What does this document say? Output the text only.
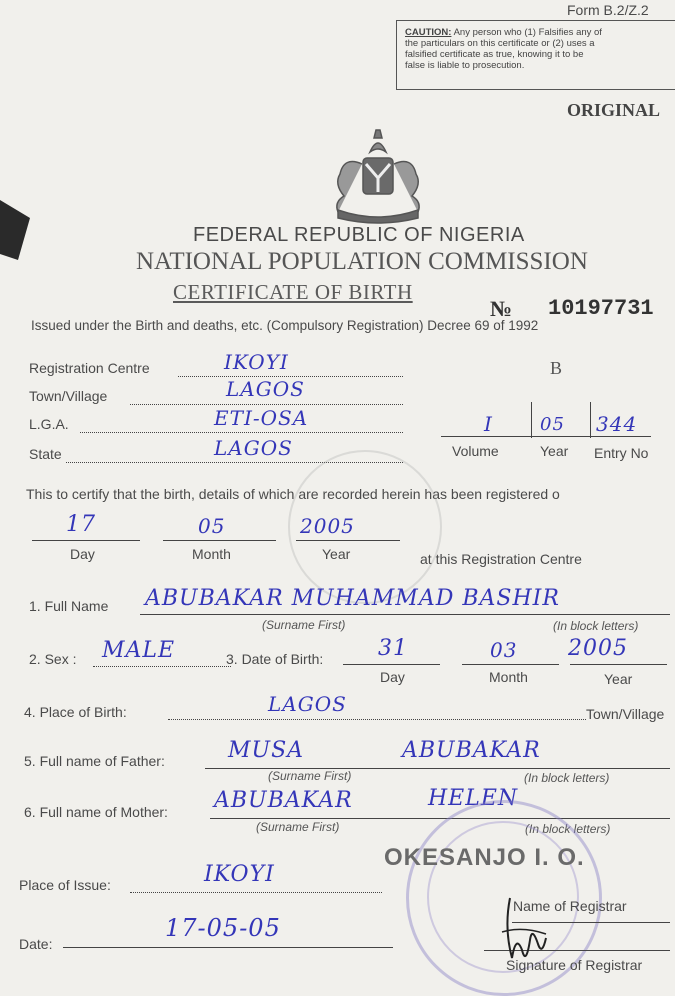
Form B.2/Z.2
CAUTION: Any person who (1) Falsifies any of
the particulars on this certificate or (2) uses a
falsified certificate as true, knowing it to be
false is liable to prosecution.
ORIGINAL
FEDERAL REPUBLIC OF NIGERIA
NATIONAL POPULATION COMMISSION
CERTIFICATE OF BIRTH
№ 10197731
Issued under the Birth and deaths, etc. (Compulsory Registration) Decree 69 of 1992
Registration Centre	IKOYI
Town/Village	LAGOS
L.G.A.	ETI-OSA
State	LAGOS
B
I	05 344
Volume	Year Entry No
This to certify that the birth, details of which are recorded herein has been registered o
17	05	2005
Day	Month	Year	at this Registration Centre
1. Full Name ABUBAKAR MUHAMMAD BASHIR
(Surname First)	(In block letters)
2. Sex : MALE	3. Date of Birth: 31	03 2005
Day	Month	Year
4. Place of Birth:	LAGOS	Town/Village
5. Full name of Father:	MUSA	ABUBAKAR
(Surname First)	(In block letters)
6. Full name of Mother: ABUBAKAR	HELEN
(Surname First)	(In block letters)
Place of Issue:	IKOYI
Date:
17-05-05
OKESANJO I. O.
Name of Registrar
Signature of Registrar
